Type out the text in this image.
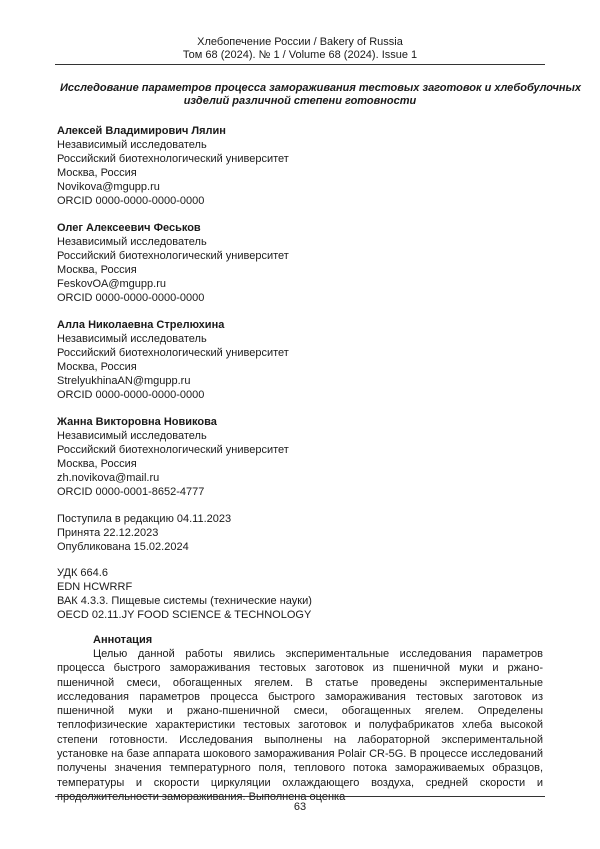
Хлебопечение России / Bakery of Russia
Том 68 (2024). № 1 / Volume 68 (2024). Issue 1
Исследование параметров процесса замораживания тестовых заготовок и хлебобулочных
изделий различной степени готовности
Алексей Владимирович Лялин
Независимый исследователь
Российский биотехнологический университет
Москва, Россия
Novikova@mgupp.ru
ORCID 0000-0000-0000-0000
Олег Алексеевич Феськов
Независимый исследователь
Российский биотехнологический университет
Москва, Россия
FeskovOA@mgupp.ru
ORCID 0000-0000-0000-0000
Алла Николаевна Стрелюхина
Независимый исследователь
Российский биотехнологический университет
Москва, Россия
StrelyukhinaAN@mgupp.ru
ORCID 0000-0000-0000-0000
Жанна Викторовна Новикова
Независимый исследователь
Российский биотехнологический университет
Москва, Россия
zh.novikova@mail.ru
ORCID 0000-0001-8652-4777
Поступила в редакцию 04.11.2023
Принята 22.12.2023
Опубликована 15.02.2024
УДК 664.6
EDN HCWRRF
ВАК 4.3.3. Пищевые системы (технические науки)
OECD 02.11.JY FOOD SCIENCE & TECHNOLOGY
Аннотация
Целью данной работы явились экспериментальные исследования параметров процесса быстрого замораживания тестовых заготовок из пшеничной муки и ржано-пшеничной смеси, обогащенных ягелем. В статье проведены экспериментальные исследования параметров процесса быстрого замораживания тестовых заготовок из пшеничной муки и ржано-пшеничной смеси, обогащенных ягелем. Определены теплофизические характеристики тестовых заготовок и полуфабрикатов хлеба высокой степени готовности. Исследования выполнены на лабораторной экспериментальной установке на базе аппарата шокового замораживания Polair CR-5G. В процессе исследований получены значения температурного поля, теплового потока замораживаемых образцов, температуры и скорости циркуляции охлаждающего воздуха, средней скорости и продолжительности замораживания. Выполнена оценка
63
